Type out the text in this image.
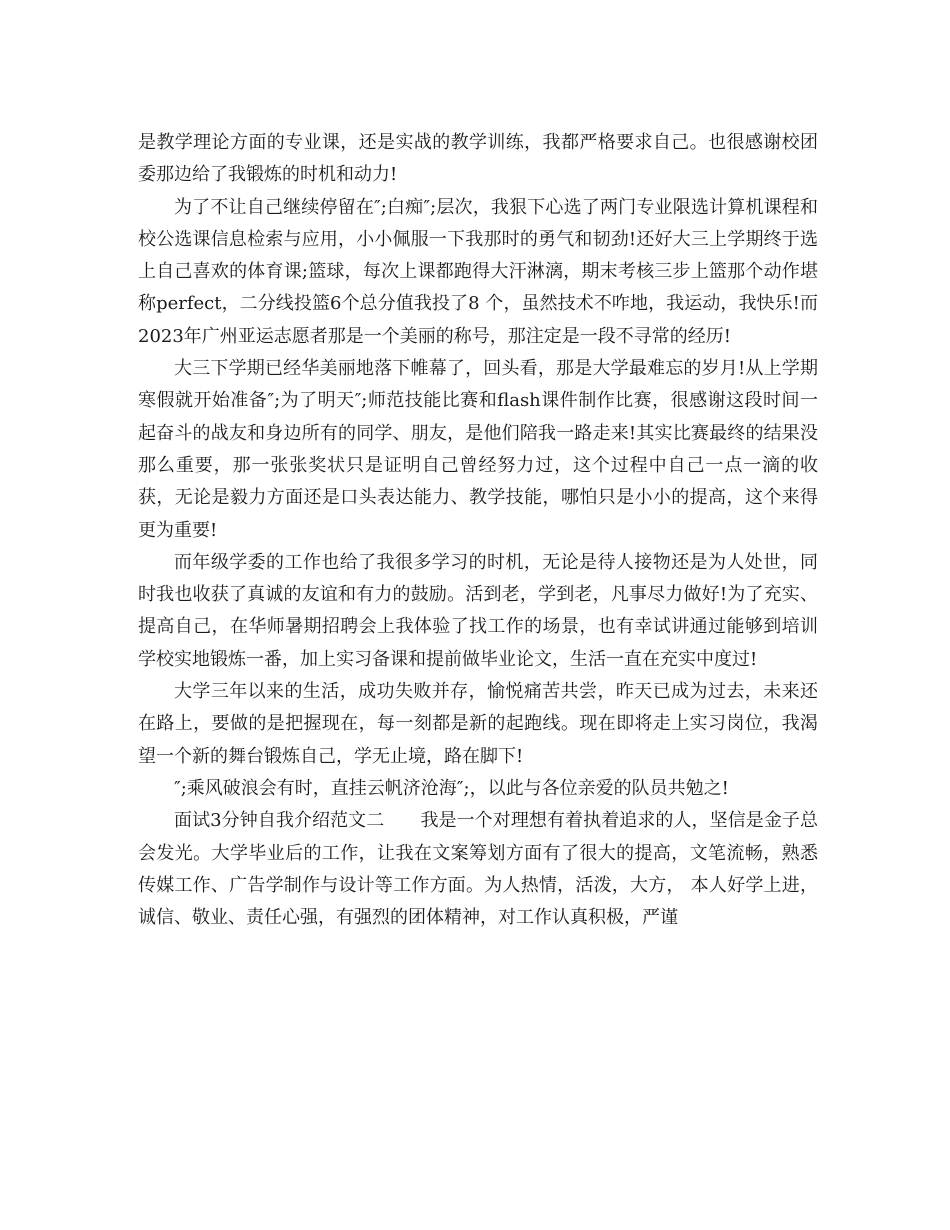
是教学理论方面的专业课，还是实战的教学训练，我都严格要求自己。也很感谢校团委那边给了我锻炼的时机和动力!

为了不让自己继续停留在″;白痴″;层次，我狠下心选了两门专业限选计算机课程和校公选课信息检索与应用，小小佩服一下我那时的勇气和韧劲!还好大三上学期终于选上自己喜欢的体育课;篮球，每次上课都跑得大汗淋漓，期末考核三步上篮那个动作堪称perfect，二分线投篮6个总分值我投了8 个，虽然技术不咋地，我运动，我快乐!而2023年广州亚运志愿者那是一个美丽的称号，那注定是一段不寻常的经历!

大三下学期已经华美丽地落下帷幕了，回头看，那是大学最难忘的岁月!从上学期寒假就开始准备″;为了明天″;师范技能比赛和flash课件制作比赛，很感谢这段时间一起奋斗的战友和身边所有的同学、朋友，是他们陪我一路走来!其实比赛最终的结果没那么重要，那一张张奖状只是证明自己曾经努力过，这个过程中自己一点一滴的收获，无论是毅力方面还是口头表达能力、教学技能，哪怕只是小小的提高，这个来得更为重要!

而年级学委的工作也给了我很多学习的时机，无论是待人接物还是为人处世，同时我也收获了真诚的友谊和有力的鼓励。活到老，学到老，凡事尽力做好!为了充实、提高自己，在华师暑期招聘会上我体验了找工作的场景，也有幸试讲通过能够到培训学校实地锻炼一番，加上实习备课和提前做毕业论文，生活一直在充实中度过!

大学三年以来的生活，成功失败并存，愉悦痛苦共尝，昨天已成为过去，未来还在路上，要做的是把握现在，每一刻都是新的起跑线。现在即将走上实习岗位，我渴望一个新的舞台锻炼自己，学无止境，路在脚下!

″;乘风破浪会有时，直挂云帆济沧海″;，以此与各位亲爱的队员共勉之!

面试3分钟自我介绍范文二　　我是一个对理想有着执着追求的人，坚信是金子总会发光。大学毕业后的工作，让我在文案筹划方面有了很大的提高，文笔流畅，熟悉传媒工作、广告学制作与设计等工作方面。为人热情，活泼，大方， 本人好学上进，诚信、敬业、责任心强，有强烈的团体精神，对工作认真积极，严谨
